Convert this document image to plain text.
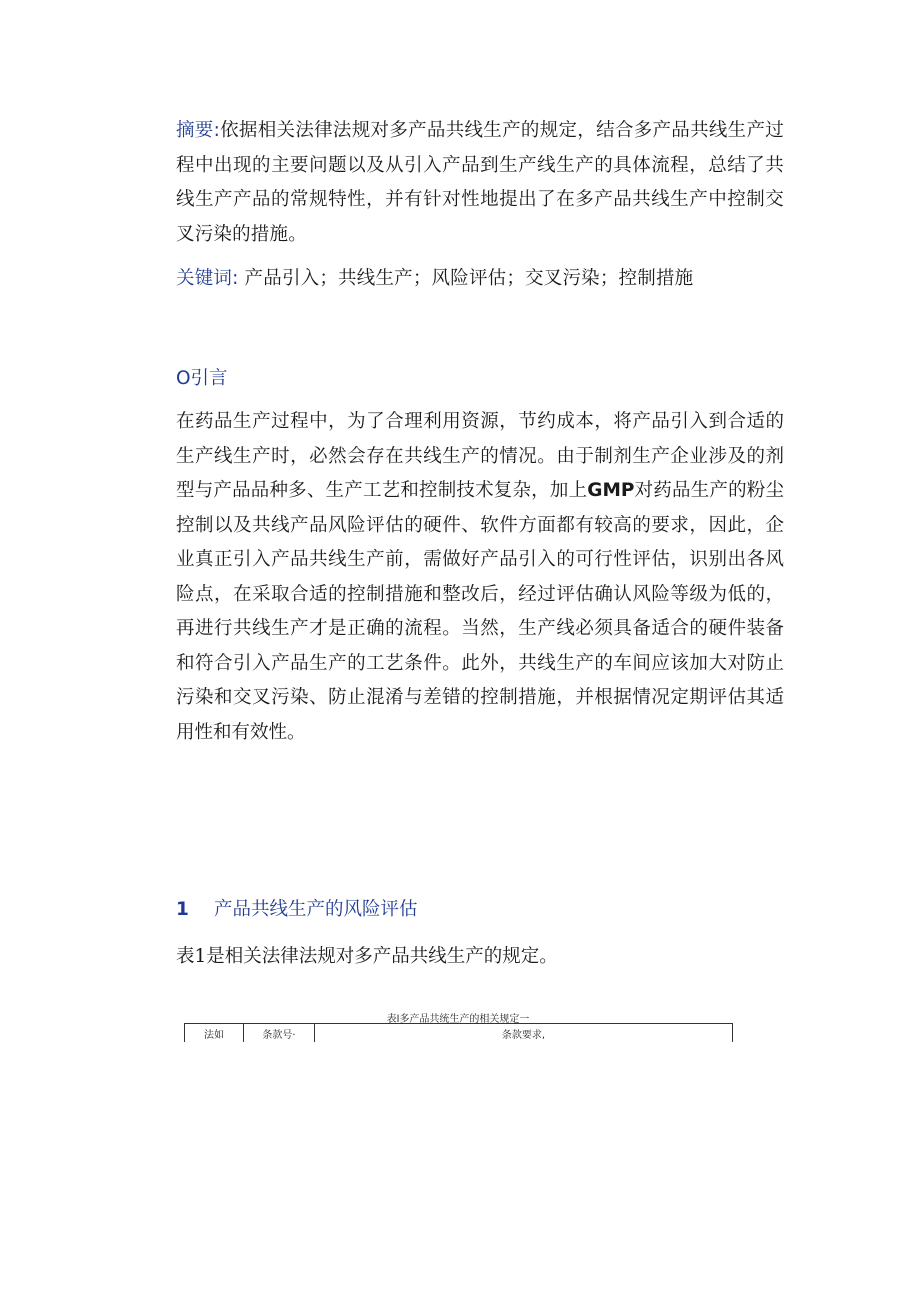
摘要:依据相关法律法规对多产品共线生产的规定，结合多产品共线生产过程中出现的主要问题以及从引入产品到生产线生产的具体流程，总结了共线生产产品的常规特性，并有针对性地提出了在多产品共线生产中控制交叉污染的措施。
关键词: 产品引入；共线生产；风险评估；交叉污染；控制措施
O引言
在药品生产过程中，为了合理利用资源，节约成本，将产品引入到合适的生产线生产时，必然会存在共线生产的情况。由于制剂生产企业涉及的剂型与产品品种多、生产工艺和控制技术复杂，加上GMP对药品生产的粉尘控制以及共线产品风险评估的硬件、软件方面都有较高的要求，因此，企业真正引入产品共线生产前，需做好产品引入的可行性评估，识别出各风险点，在采取合适的控制措施和整改后，经过评估确认风险等级为低的，再进行共线生产才是正确的流程。当然，生产线必须具备适合的硬件装备和符合引入产品生产的工艺条件。此外，共线生产的车间应该加大对防止污染和交叉污染、防止混淆与差错的控制措施，并根据情况定期评估其适用性和有效性。
1 产品共线生产的风险评估
表1是相关法律法规对多产品共线生产的规定。
表l多产品共统生产的相关规定一
法如	条款号·	条款要求,
